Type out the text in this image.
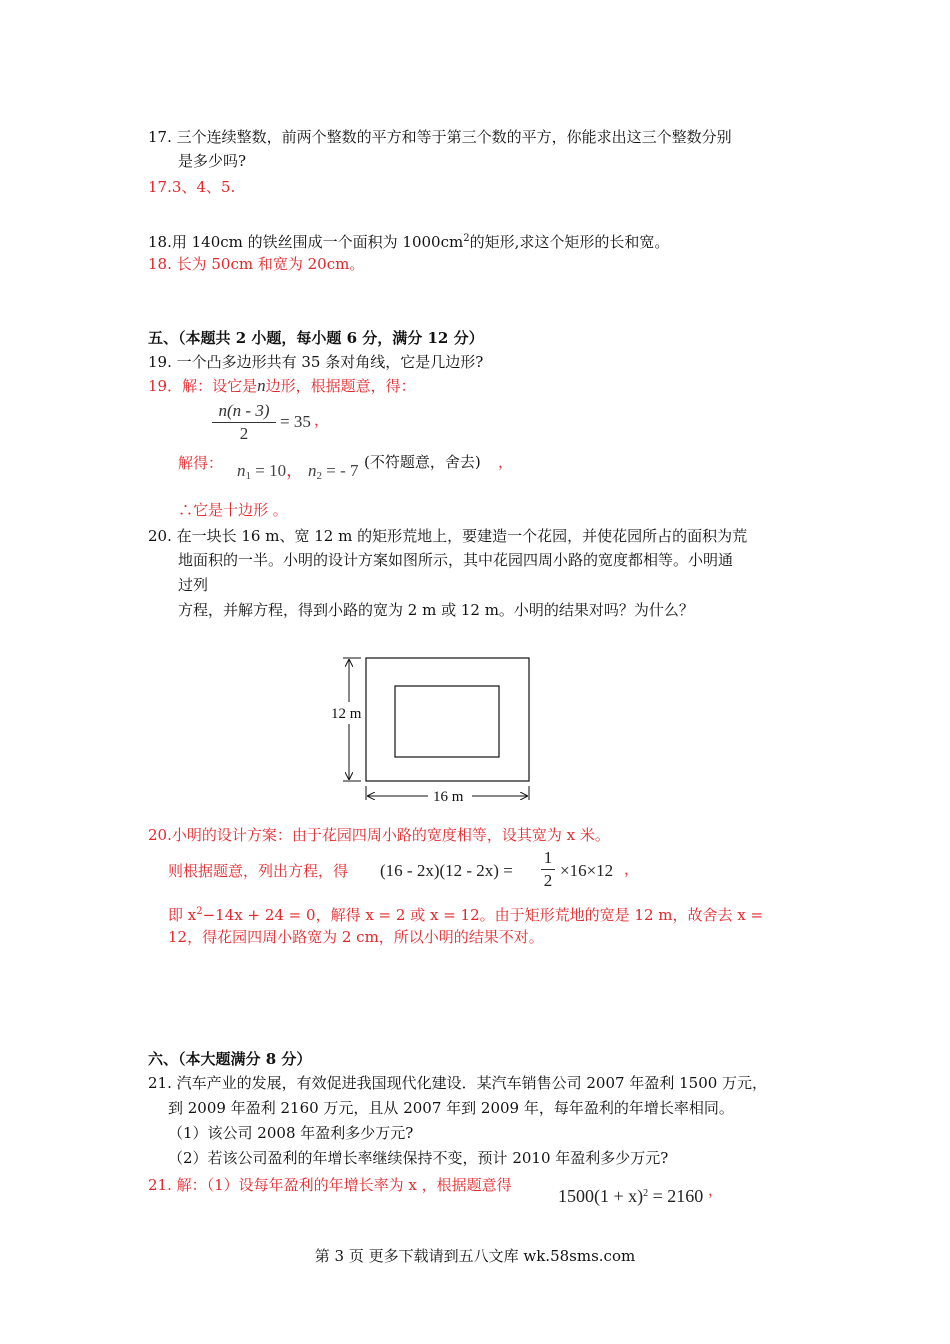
17. 三个连续整数，前两个整数的平方和等于第三个数的平方，你能求出这三个整数分别
是多少吗?
17.3、4、5.
18.用 140cm 的铁丝围成一个面积为 $1000cm^2$的矩形,求这个矩形的长和宽。
18. 长为 50cm 和宽为 20cm。
五、（本题共 2 小题，每小题 6 分，满分 12 分）
19. 一个凸多边形共有 35 条对角线，它是几边形?
19．解：设它是n边形，根据题意，得：
n(n - 3)
2
= 35 ，
解得： $n_1 = 10$， $n_2$ = - 7 (不符题意，舍去) ，
∴它是十边形 。
20. 在一块长 16 m、宽 12 m 的矩形荒地上，要建造一个花园，并使花园所占的面积为荒
地面积的一半。小明的设计方案如图所示，其中花园四周小路的宽度都相等。小明通
过列
方程，并解方程，得到小路的宽为 2 m 或 12 m。小明的结果对吗？为什么？
12 m
16 m
20.小明的设计方案：由于花园四周小路的宽度相等，设其宽为 x 米。
则根据题意，列出方程，得 (16 - 2x)(12 - 2x) =
1
2
×16×12 ，
即 $x^2-14x + 24 = 0$，解得 x = 2 或 x = 12。由于矩形荒地的宽是 12 m，故舍去 x =
12，得花园四周小路宽为 2 cm，所以小明的结果不对。
六、（本大题满分 8 分）
21. 汽车产业的发展，有效促进我国现代化建设．某汽车销售公司 2007 年盈利 1500 万元，
到 2009 年盈利 2160 万元，且从 2007 年到 2009 年，每年盈利的年增长率相同。
（1）该公司 2008 年盈利多少万元?
（2）若该公司盈利的年增长率继续保持不变，预计 2010 年盈利多少万元?
21. 解：（1）设每年盈利的年增长率为 x ，根据题意得
$1500(1 + x)^2 = 2160$ ，
第 3 页 更多下载请到五八文库 wk.58sms.com
